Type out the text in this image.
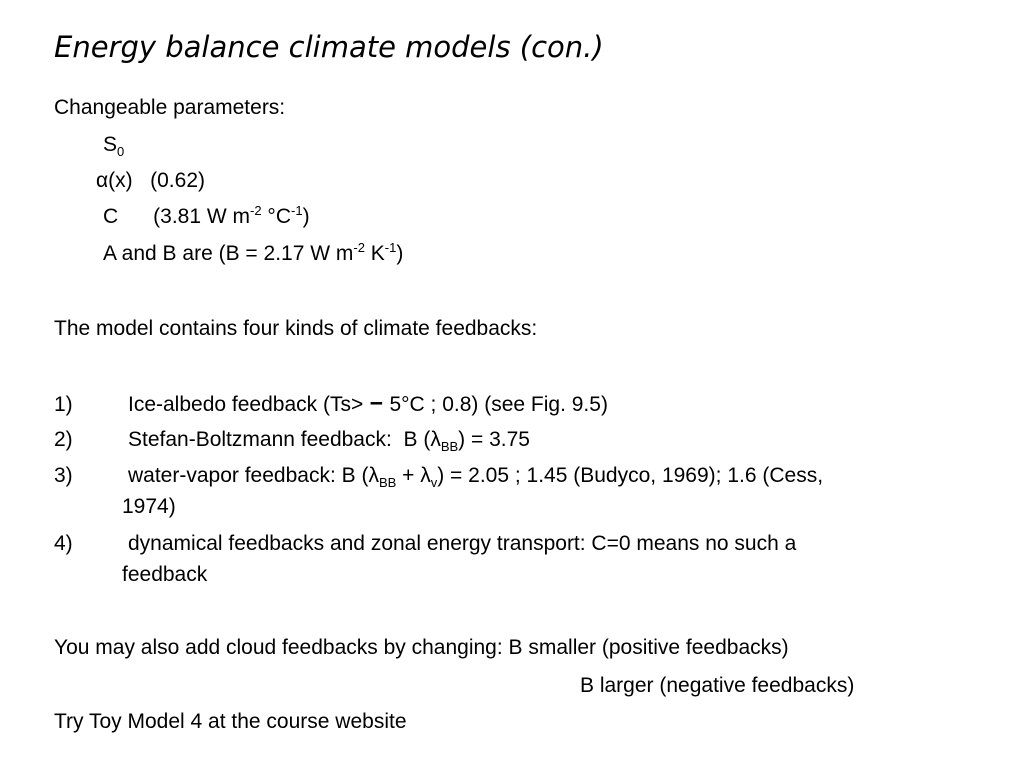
Energy balance climate models (con.)
Changeable parameters:
$S_0$
α(x)   (0.62)
C      (3.81 W $m^{-2}$ $^\circ C^{-1}$)
A and B are (B = 2.17 W $m^{-2}$ $K^{-1}$)
The model contains four kinds of climate feedbacks:
1)	Ice-albedo feedback (Ts> − 5°C ; 0.8) (see Fig. 9.5)
2)	Stefan-Boltzmann feedback:  B $(\lambda_{BB}) = 3.75$
3)	water-vapor feedback: B $(\lambda_{BB} + \lambda_v) = 2.05$ ; 1.45 (Budyco, 1969); 1.6 (Cess,
1974)
4)	dynamical feedbacks and zonal energy transport: C=0 means no such a
feedback
You may also add cloud feedbacks by changing: B smaller (positive feedbacks)
B larger (negative feedbacks)
Try Toy Model 4 at the course website
